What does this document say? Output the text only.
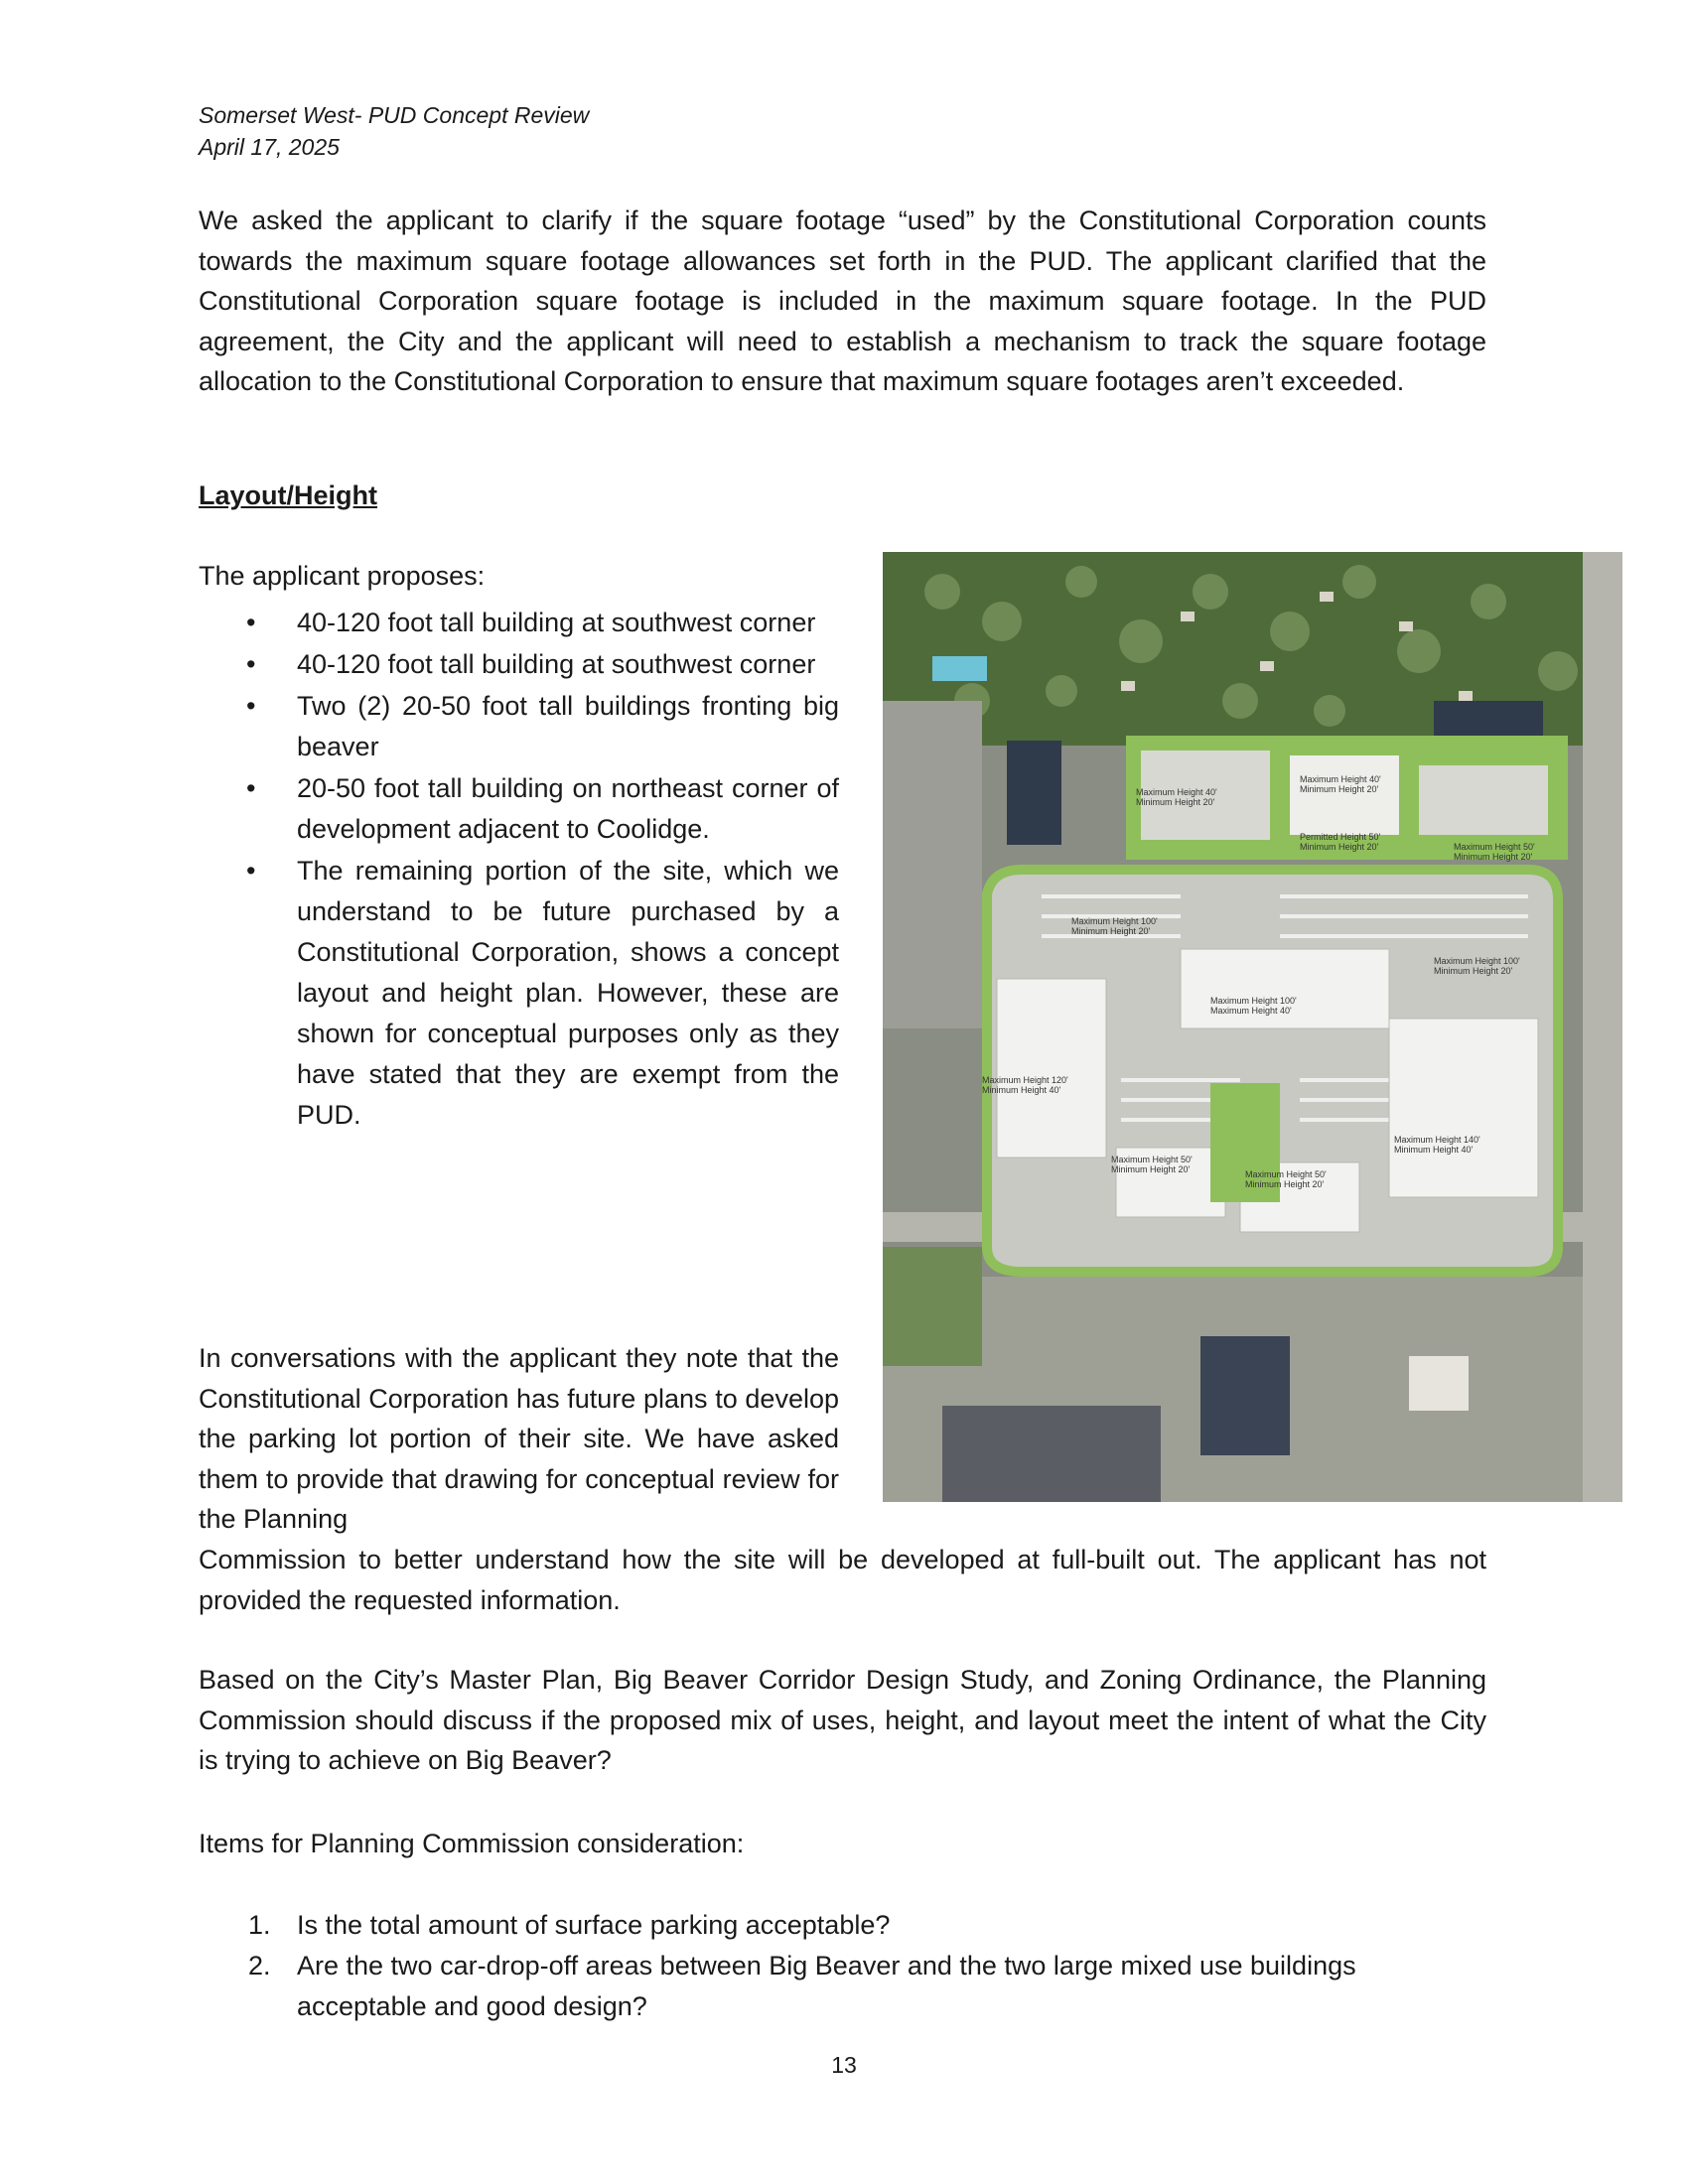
Somerset West- PUD Concept Review
April 17, 2025

We asked the applicant to clarify if the square footage “used” by the Constitutional Corporation counts towards the maximum square footage allowances set forth in the PUD. The applicant clarified that the Constitutional Corporation square footage is included in the maximum square footage. In the PUD agreement, the City and the applicant will need to establish a mechanism to track the square footage allocation to the Constitutional Corporation to ensure that maximum square footages aren’t exceeded.

Layout/Height
The applicant proposes:
• 40-120 foot tall building at southwest corner
• 40-120 foot tall building at southwest corner
• Two (2) 20-50 foot tall buildings fronting big beaver
• 20-50 foot tall building on northeast corner of development adjacent to Coolidge.
• The remaining portion of the site, which we understand to be future purchased by a Constitutional Corporation, shows a concept layout and height plan. However, these are shown for conceptual purposes only as they have stated that they are exempt from the PUD.
Maximum Height 40' Minimum Height 20'
Maximum Height 40' Minimum Height 20'
Permitted Height 50' Minimum Height 20'	Maximum Height 50' Minimum Height 20'
Maximum Height 100' Minimum Height 20'
Maximum Height 100' Minimum Height 20'
Maximum Height 100' Maximum Height 40'
Maximum Height 120' Minimum Height 40'
Maximum Height 140' Minimum Height 40'
Maximum Height 50' Minimum Height 20'	Maximum Height 50' Minimum Height 20'

In conversations with the applicant they note that the Constitutional Corporation has future plans to develop the parking lot portion of their site. We have asked them to provide that drawing for conceptual review for the Planning

Commission to better understand how the site will be developed at full-built out. The applicant has not provided the requested information.

Based on the City’s Master Plan, Big Beaver Corridor Design Study, and Zoning Ordinance, the Planning Commission should discuss if the proposed mix of uses, height, and layout meet the intent of what the City is trying to achieve on Big Beaver?

Items for Planning Commission consideration:
1. Is the total amount of surface parking acceptable?
2. Are the two car-drop-off areas between Big Beaver and the two large mixed use buildings acceptable and good design?
13
